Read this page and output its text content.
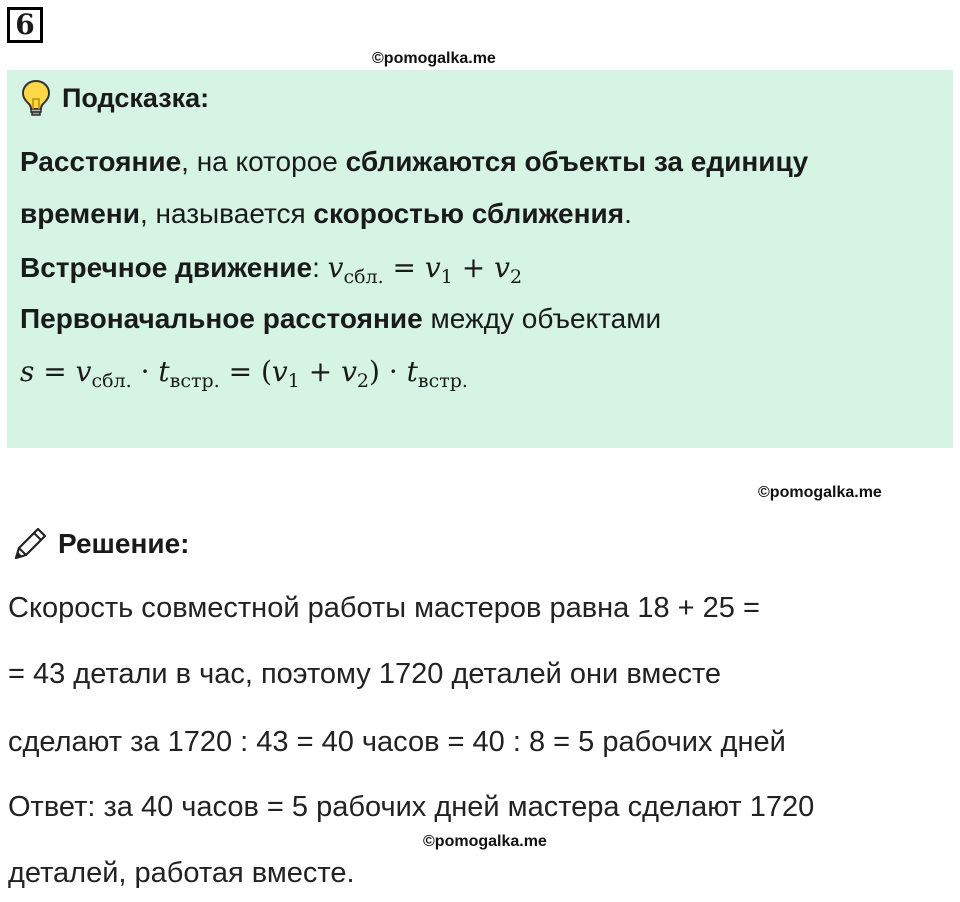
6
©pomogalka.me
Подсказка:
Расстояние, на которое сближаются объекты за единицу
времени, называется скоростью сближения.
Встречное движение: $v_{сбл.} = v_1 + v_2$
Первоначальное расстояние между объектами
$s = v_{сбл.} \cdot t_{встр.} = (v_1 + v_2) \cdot t_{встр.}$
©pomogalka.me
Решение:
Скорость совместной работы мастеров равна 18 + 25 =
= 43 детали в час, поэтому 1720 деталей они вместе
сделают за 1720 : 43 = 40 часов = 40 : 8 = 5 рабочих дней
Ответ: за 40 часов = 5 рабочих дней мастера сделают 1720
©pomogalka.me
деталей, работая вместе.
